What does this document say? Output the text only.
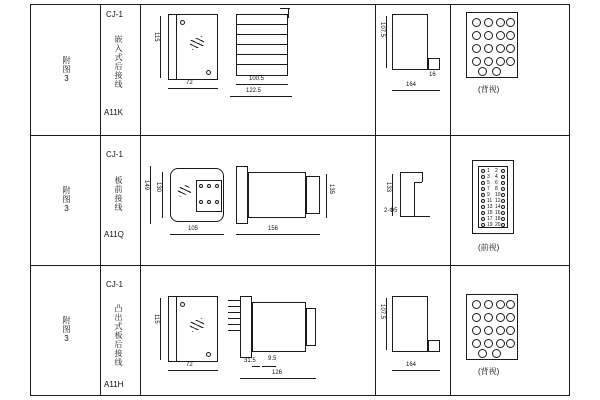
附图3
CJ-1
嵌入式后接线
A11K
115
72
100.5
122.5
107.5
16
164	(背视)
附图3
CJ-1
板前接线
A11Q
149 130
105
135
156
133
2-Φ5
1 2
3 4
5 6
7 8
9 10
11 12
13 14
15 16
17 18
19 20
(前视)
附图3
CJ-1
凸出式板后接线
A11H
115
72
31.5 9.5
126
107.5
164
(背视)
